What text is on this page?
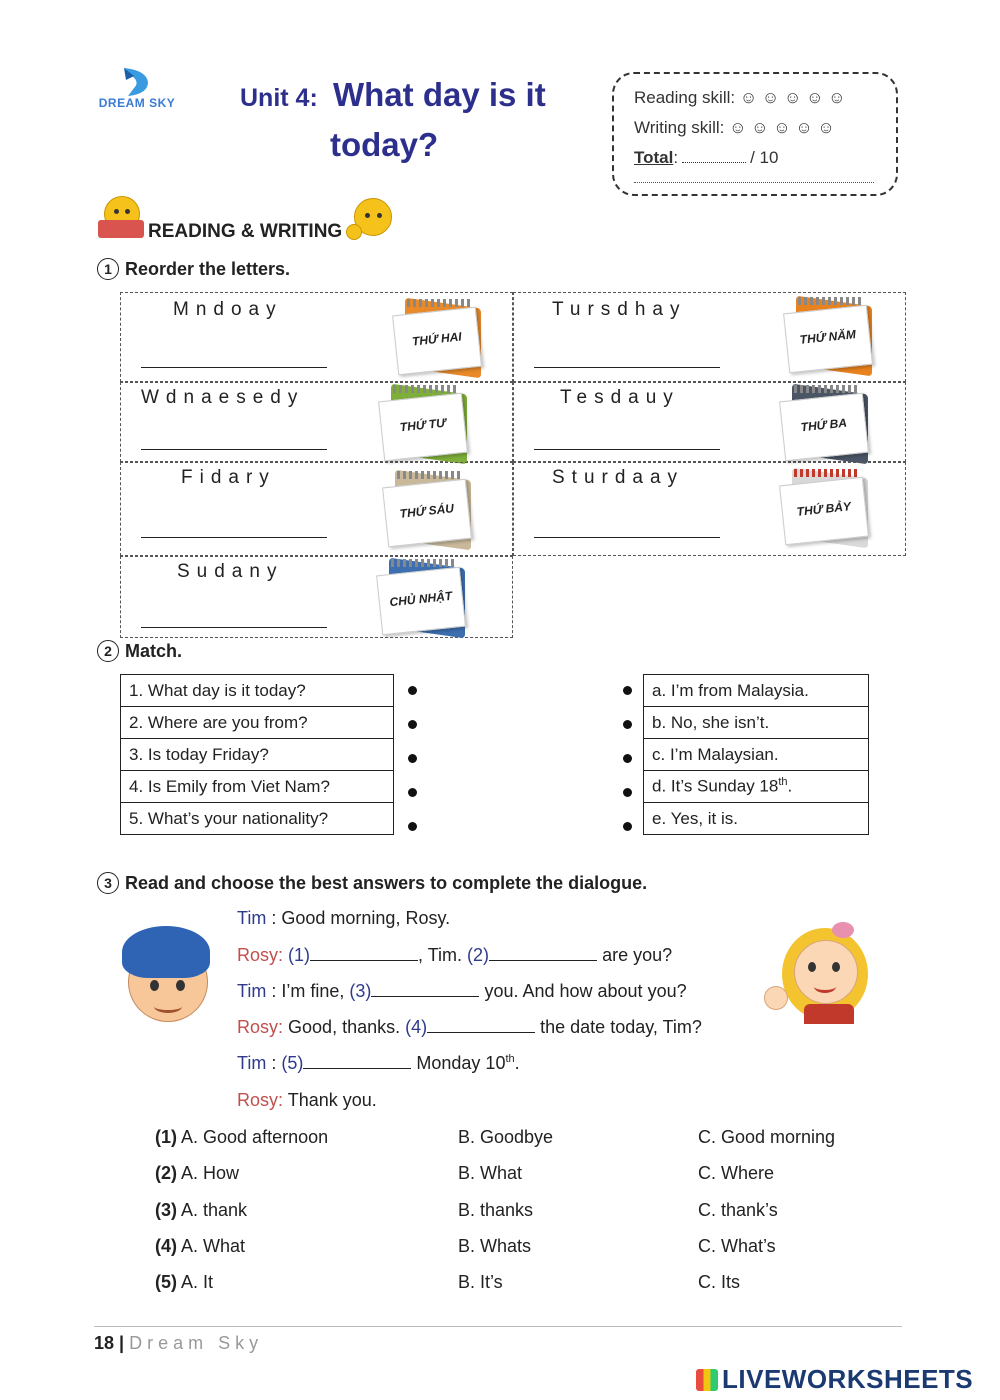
DREAM SKY	Unit 4: What day is it
today?
Reading skill: ☺ ☺ ☺ ☺ ☺
Writing skill: ☺ ☺ ☺ ☺ ☺
Total:	/ 10
READING & WRITING
1 Reorder the letters.
Mndoay
THỨ HAI
Tursdhay
THỨ NĂM
Wdnaesedy
THỨ TƯ
Tesdauy
THỨ BA
Fidary
THỨ SÁU
Sturdaay
THỨ BẢY
Sudany
CHỦ NHẬT
2 Match.
1. What day is it today?
2. Where are you from?
3. Is today Friday?
4. Is Emily from Viet Nam?
5. What’s your nationality?
a. I’m from Malaysia.
b. No, she isn’t.
c. I’m Malaysian.
d. It’s Sunday 18th.
e. Yes, it is.
3 Read and choose the best answers to complete the dialogue.
Tim : Good morning, Rosy.
Rosy: (1)	, Tim. (2)	are you?
Tim : I’m fine, (3)	you. And how about you?
Rosy: Good, thanks. (4)	the date today, Tim?
Tim : (5)	Monday 10th.
Rosy: Thank you.
(1) A. Good afternoon	B. Goodbye	C. Good morning
(2) A. How	B. What	C. Where
(3) A. thank	B. thanks	C. thank’s
(4) A. What	B. Whats	C. What’s
(5) A. It	B. It’s	C. Its
18 | Dream Sky
LIVEWORKSHEETS
